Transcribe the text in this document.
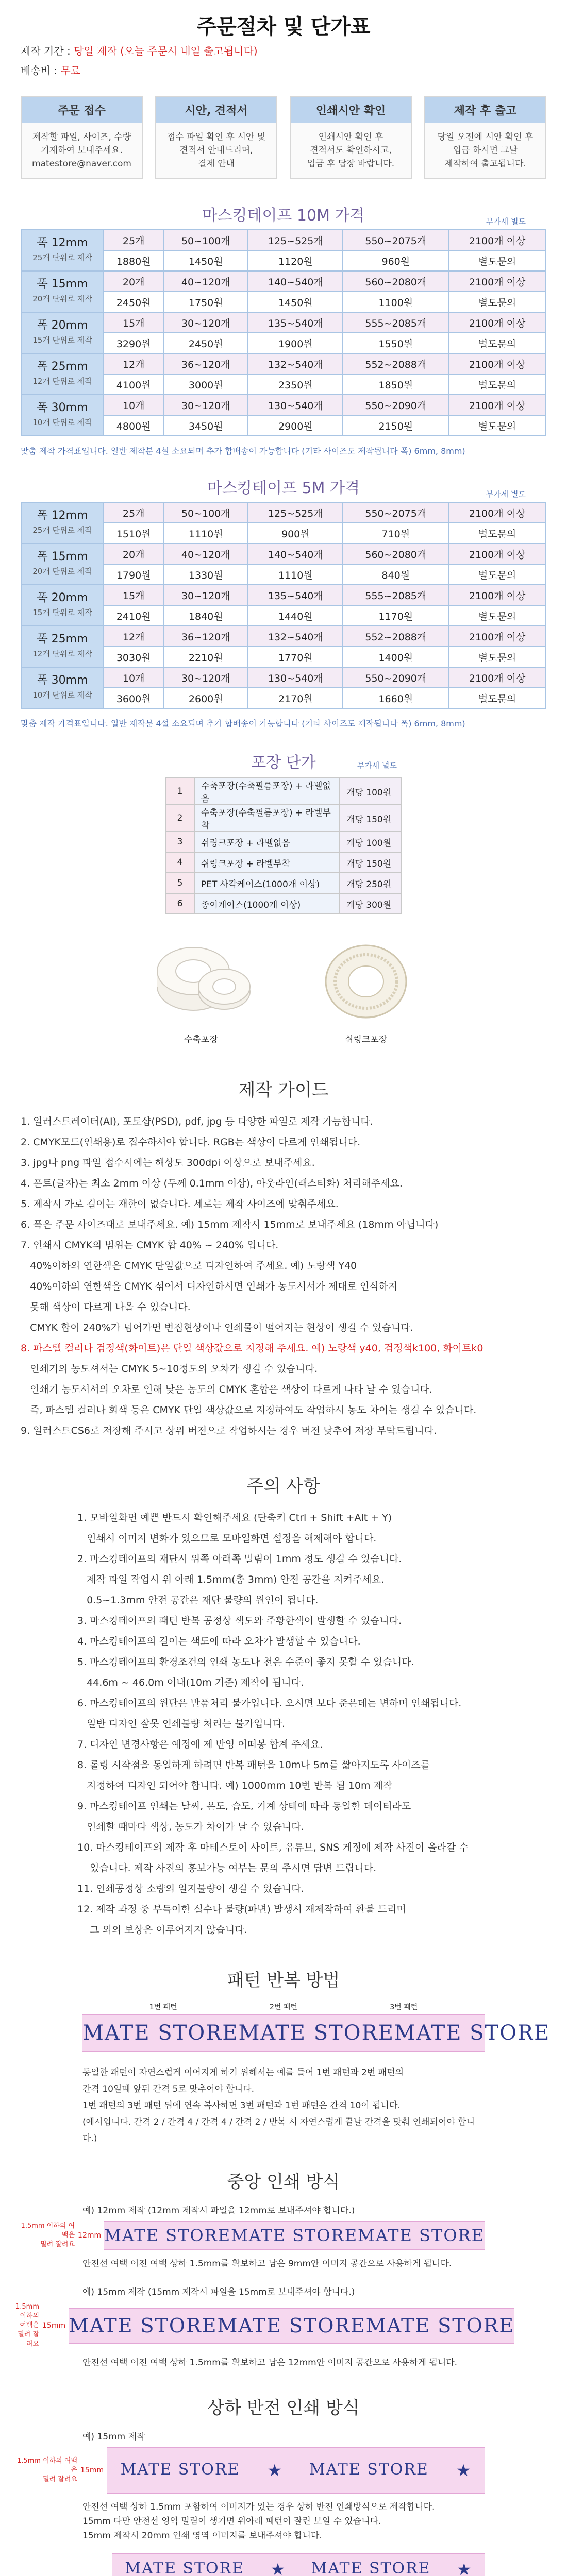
주문절차 및 단가표
제작 기간 : 당일 제작 (오늘 주문시 내일 출고됩니다)
배송비 : 무료
주문 접수
제작할 파일, 사이즈, 수량
기재하여 보내주세요.
matestore@naver.com
시안, 견적서
접수 파일 확인 후 시안 및
견적서 안내드리며,
결제 안내
인쇄시안 확인
인쇄시안 확인 후
견적서도 확인하시고,
입금 후 답장 바랍니다.
제작 후 출고
당일 오전에 시안 확인 후
입금 하시면 그날
제작하여 출고됩니다.
마스킹테이프 10M 가격	부가세 별도
폭 12mm
25개 단위로 제작	25개	50~100개	125~525개	550~2075개	2100개 이상
	1880원	1450원	1120원	960원	별도문의

폭 15mm
20개 단위로 제작	20개	40~120개	140~540개	560~2080개	2100개 이상
	2450원	1750원	1450원	1100원	별도문의

폭 20mm
15개 단위로 제작	15개	30~120개	135~540개	555~2085개	2100개 이상
	3290원	2450원	1900원	1550원	별도문의

폭 25mm
12개 단위로 제작	12개	36~120개	132~540개	552~2088개	2100개 이상
	4100원	3000원	2350원	1850원	별도문의

폭 30mm
10개 단위로 제작	10개	30~120개	130~540개	550~2090개	2100개 이상
	4800원	3450원	2900원	2150원	별도문의
맞춤 제작 가격표입니다. 일반 제작분 4설 소요되며 추가 합배송이 가능합니다 (기타 사이즈도 제작됩니다 폭) 6mm, 8mm)
마스킹테이프 5M 가격	부가세 별도
폭 12mm
25개 단위로 제작	25개	50~100개	125~525개	550~2075개	2100개 이상
	1510원	1110원	900원	710원	별도문의

폭 15mm
20개 단위로 제작	20개	40~120개	140~540개	560~2080개	2100개 이상
	1790원	1330원	1110원	840원	별도문의

폭 20mm
15개 단위로 제작	15개	30~120개	135~540개	555~2085개	2100개 이상
	2410원	1840원	1440원	1170원	별도문의

폭 25mm
12개 단위로 제작	12개	36~120개	132~540개	552~2088개	2100개 이상
	3030원	2210원	1770원	1400원	별도문의

폭 30mm
10개 단위로 제작	10개	30~120개	130~540개	550~2090개	2100개 이상
	3600원	2600원	2170원	1660원	별도문의
맞춤 제작 가격표입니다. 일반 제작분 4설 소요되며 추가 합배송이 가능합니다 (기타 사이즈도 제작됩니다 폭) 6mm, 8mm)
포장 단가	부가세 별도
1	수축포장(수축필름포장) + 라벨없음	개당 100원
2	수축포장(수축필름포장) + 라벨부착	개당 150원
3	쉬링크포장 + 라벨없음	개당 100원
4	쉬링크포장 + 라벨부착	개당 150원
5	PET 사각케이스(1000개 이상)	개당 250원
6	종이케이스(1000개 이상)	개당 300원
수축포장	쉬링크포장
제작 가이드
1. 일러스트레이터(AI), 포토샵(PSD), pdf, jpg 등 다양한 파일로 제작 가능합니다.
2. CMYK모드(인쇄용)로 접수하셔야 합니다. RGB는 색상이 다르게 인쇄됩니다.
3. jpg나 png 파일 접수시에는 해상도 300dpi 이상으로 보내주세요.
4. 폰트(글자)는 최소 2mm 이상 (두께 0.1mm 이상), 아웃라인(래스터화) 처리해주세요.
5. 제작시 가로 길이는 재한이 없습니다. 세로는 제작 사이즈에 맞춰주세요.
6. 폭은 주문 사이즈대로 보내주세요. 예) 15mm 제작시 15mm로 보내주세요 (18mm 아닙니다)
7. 인쇄시 CMYK의 범위는 CMYK 합 40% ~ 240% 입니다.
40%이하의 연한색은 CMYK 단일값으로 디자인하여 주세요. 예) 노랑색 Y40
40%이하의 연한색을 CMYK 섞어서 디자인하시면 인쇄가 농도셔서가 제대로 인식하지
못해 색상이 다르게 나올 수 있습니다.
CMYK 합이 240%가 넘어가면 번짐현상이나 인쇄물이 떨어지는 현상이 생길 수 있습니다.
8. 파스텔 컬러나 검정색(화이트)은 단일 색상값으로 지정해 주세요. 예) 노랑색 y40, 검정색k100, 화이트k0
인쇄기의 농도셔서는 CMYK 5~10정도의 오차가 생길 수 있습니다.
인쇄기 농도셔서의 오차로 인해 낮은 농도의 CMYK 혼합은 색상이 다르게 나타 날 수 있습니다.
즉, 파스텔 컬러나 회색 등은 CMYK 단일 색상값으로 지정하여도 작업하시 농도 차이는 생길 수 있습니다.
9. 일러스트CS6로 저장해 주시고 상위 버전으로 작업하시는 경우 버전 낮추어 저장 부탁드립니다.
주의 사항
1. 모바일화면 예쁜 반드시 확인해주세요 (단축키 Ctrl + Shift +Alt + Y)
인쇄시 이미지 변화가 있으므로 모바일화면 설정을 해제해야 합니다.
2. 마스킹테이프의 재단시 위쪽 아래쪽 밀림이 1mm 정도 생길 수 있습니다.
제작 파일 작업시 위 아래 1.5mm(총 3mm) 안전 공간을 지켜주세요.
0.5~1.3mm 안전 공간은 재단 불량의 원인이 됩니다.
3. 마스킹테이프의 패턴 반복 공정상 색도와 주황한색이 발생할 수 있습니다.
4. 마스킹테이프의 길이는 색도에 따라 오차가 발생할 수 있습니다.
5. 마스킹테이프의 환경조건의 인쇄 농도나 천은 수준이 좋지 못할 수 있습니다.
44.6m ~ 46.0m 이내(10m 기준) 제작이 됩니다.
6. 마스킹테이프의 원단은 반품처리 불가입니다. 오시면 보다 준은데는 변하며 인쇄됩니다.
일반 디자인 잘못 인쇄불량 처리는 불가입니다.
7. 디자인 변경사항은 예정에 제 반영 어떠봉 합계 주세요.
8. 롤링 시작점을 동일하게 하려면 반복 패턴을 10m나 5m를 짧아지도록 사이즈를
지정하여 디자인 되어야 합니다. 예) 1000mm 10번 반복 됨 10m 제작
9. 마스킹테이프 인쇄는 날씨, 온도, 습도, 기계 상태에 따라 동일한 데이터라도
인쇄할 때마다 색상, 농도가 차이가 날 수 있습니다.
10. 마스킹테이프의 제작 후 마테스토어 사이트, 유튜브, SNS 게정에 제작 사진이 올라갈 수
있습니다. 제작 사진의 홍보가능 여부는 문의 주시면 답변 드립니다.
11. 인쇄공정상 소량의 일지불량이 생길 수 있습니다.
12. 제작 과정 중 부득이한 실수나 불량(파변) 발생시 재제작하여 환불 드리며
그 외의 보상은 이루어지지 않습니다.
패턴 반복 방법
1번 패턴	2번 패턴	3번 패턴
MATE STORE MATE STORE MATE STORE
동일한 패턴이 자연스럽게 이어지게 하기 위해서는 예를 들어 1번 패턴과 2번 패턴의
간격 10일때 앞뒤 간격 5로 맞추어야 합니다.
1번 패턴의 3번 패턴 뒤에 연속 복사하면 3번 패턴과 1번 패턴은 간격 10이 됩니다.
(예시입니다. 간격 2 / 간격 4 / 간격 4 / 간격 2 / 반복 시 자연스럽게 끝날 간격을 맞춰 인쇄되어야 합니다.)
중앙 인쇄 방식
예) 12mm 제작 (12mm 제작시 파일을 12mm로 보내주셔야 합니다.)
1.5mm 이하의 여백은
밀려 잘려요
12mm MATE STORE MATE STORE MATE STORE
안전선 여백 이전 여백 상하 1.5mm를 확보하고 남은 9mm안 이미지 공간으로 사용하게 됩니다.
예) 15mm 제작 (15mm 제작시 파일을 15mm로 보내주셔야 합니다.)
1.5mm 이하의 여백은
밀려 잘려요
15mm MATE STORE MATE STORE MATE STORE
안전선 여백 이전 여백 상하 1.5mm를 확보하고 남은 12mm안 이미지 공간으로 사용하게 됩니다.
상하 반전 인쇄 방식
예) 15mm 제작
1.5mm 이하의 여백은
밀려 잘려요
15mm MATE STORE ★ MATE STORE ★
안전선 여백 상하 1.5mm 포함하여 이미지가 있는 경우 상하 반전 인쇄방식으로 제작합니다.
15mm 다만 안전선 영역 밀림이 생기면 위아래 패턴이 잘린 보일 수 있습니다.
15mm 제작시 20mm 인쇄 영역 이미지를 보내주셔야 합니다.
MATE STORE ★ MATE STORE ★
